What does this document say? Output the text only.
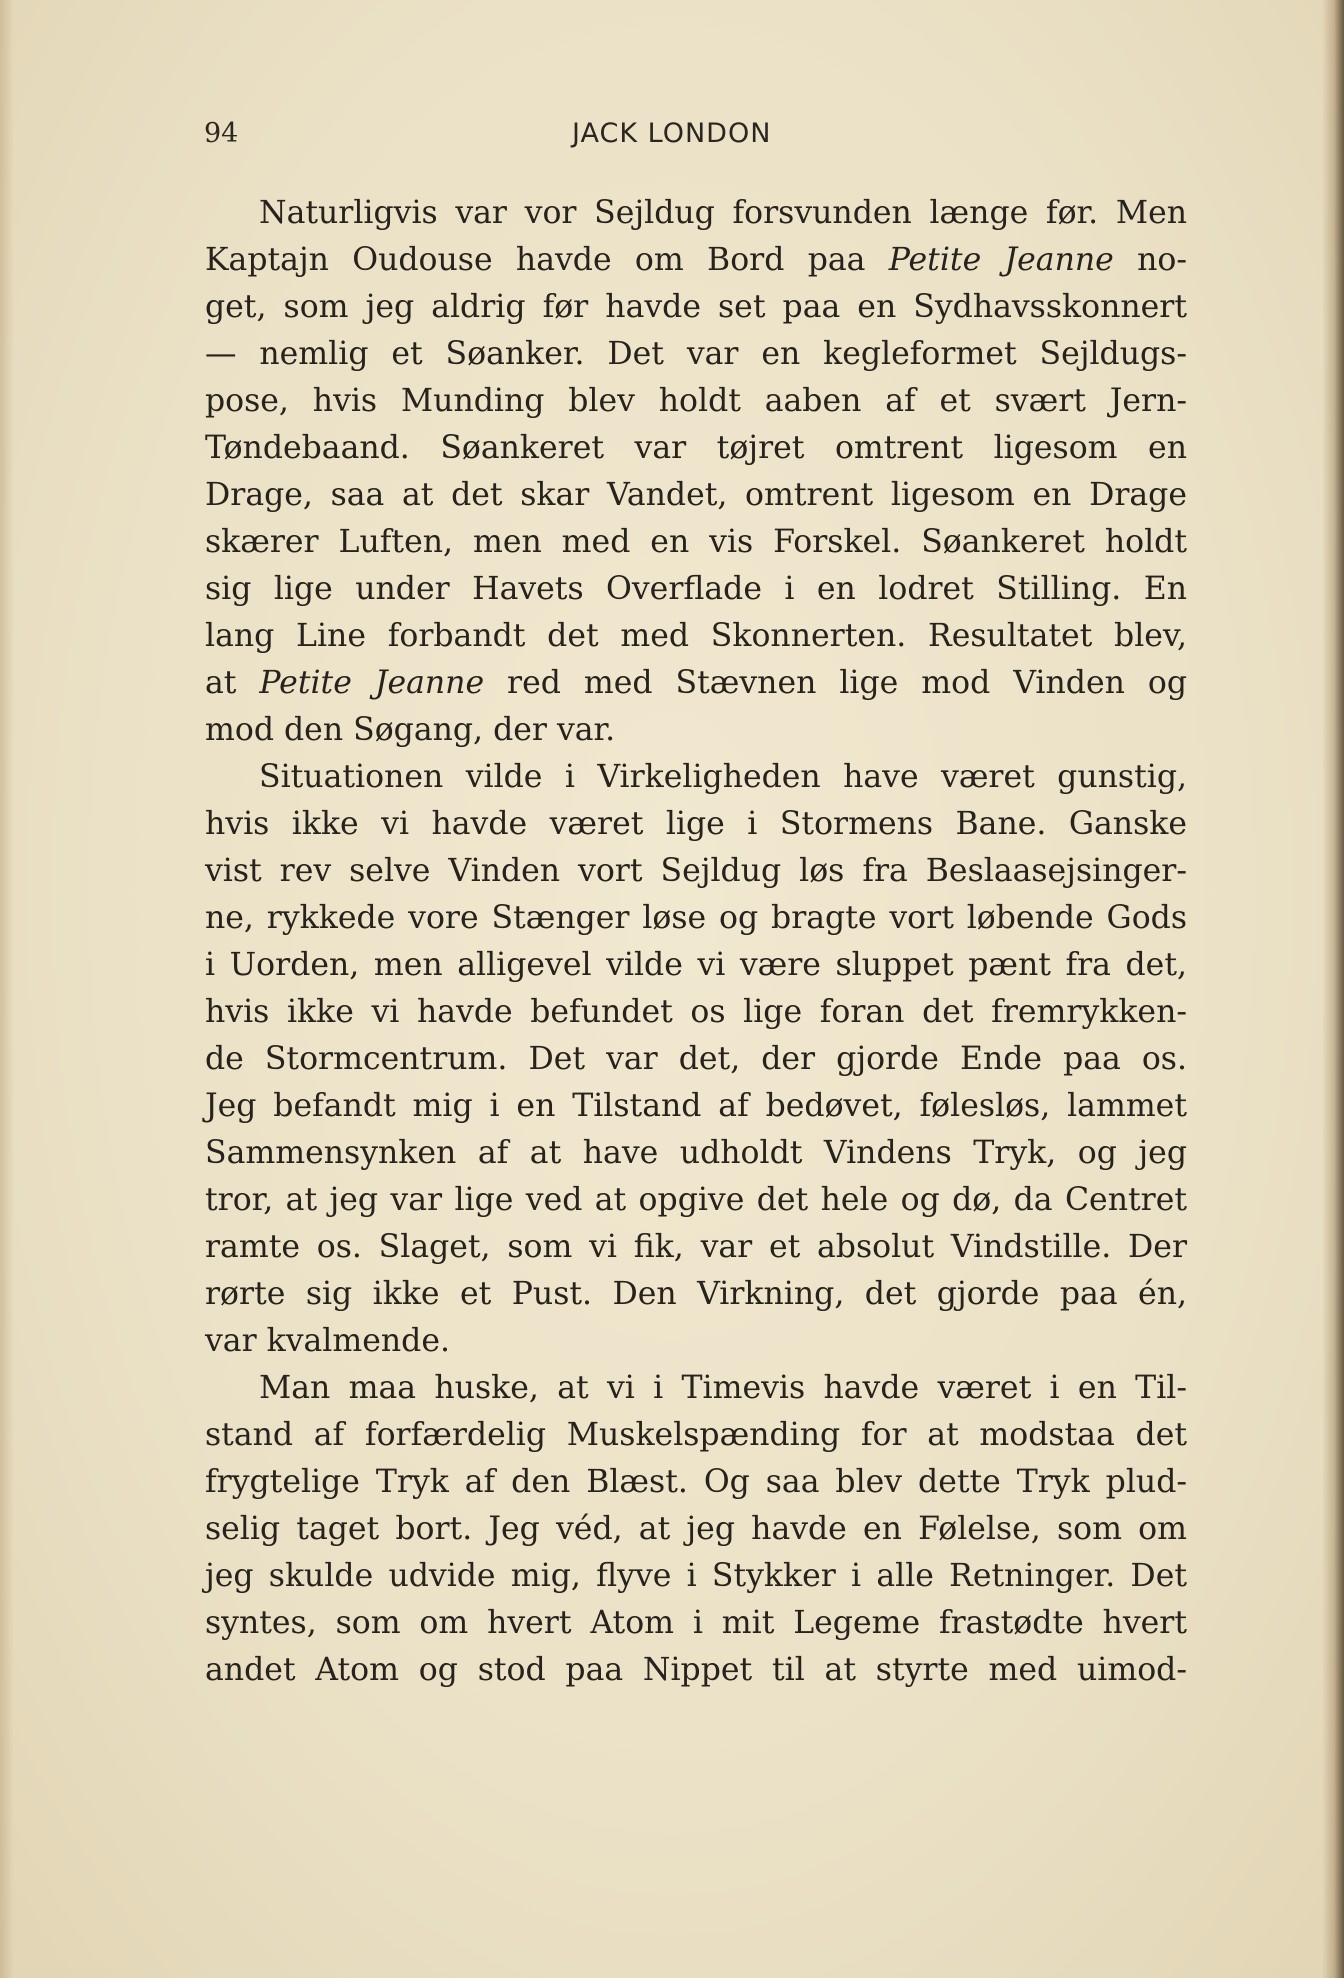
94	JACK LONDON
Naturligvis var vor Sejldug forsvunden længe før. Men
Kaptajn Oudouse havde om Bord paa Petite Jeanne no-
get, som jeg aldrig før havde set paa en Sydhavsskonnert
— nemlig et Søanker. Det var en kegleformet Sejldugs-
pose, hvis Munding blev holdt aaben af et svært Jern-
Tøndebaand. Søankeret var tøjret omtrent ligesom en
Drage, saa at det skar Vandet, omtrent ligesom en Drage
skærer Luften, men med en vis Forskel. Søankeret holdt
sig lige under Havets Overflade i en lodret Stilling. En
lang Line forbandt det med Skonnerten. Resultatet blev,
at Petite Jeanne red med Stævnen lige mod Vinden og
mod den Søgang, der var.
Situationen vilde i Virkeligheden have været gunstig,
hvis ikke vi havde været lige i Stormens Bane. Ganske
vist rev selve Vinden vort Sejldug løs fra Beslaasejsinger-
ne, rykkede vore Stænger løse og bragte vort løbende Gods
i Uorden, men alligevel vilde vi være sluppet pænt fra det,
hvis ikke vi havde befundet os lige foran det fremrykken-
de Stormcentrum. Det var det, der gjorde Ende paa os.
Jeg befandt mig i en Tilstand af bedøvet, følesløs, lammet
Sammensynken af at have udholdt Vindens Tryk, og jeg
tror, at jeg var lige ved at opgive det hele og dø, da Centret
ramte os. Slaget, som vi fik, var et absolut Vindstille. Der
rørte sig ikke et Pust. Den Virkning, det gjorde paa én,
var kvalmende.
Man maa huske, at vi i Timevis havde været i en Til-
stand af forfærdelig Muskelspænding for at modstaa det
frygtelige Tryk af den Blæst. Og saa blev dette Tryk plud-
selig taget bort. Jeg véd, at jeg havde en Følelse, som om
jeg skulde udvide mig, flyve i Stykker i alle Retninger. Det
syntes, som om hvert Atom i mit Legeme frastødte hvert
andet Atom og stod paa Nippet til at styrte med uimod-
